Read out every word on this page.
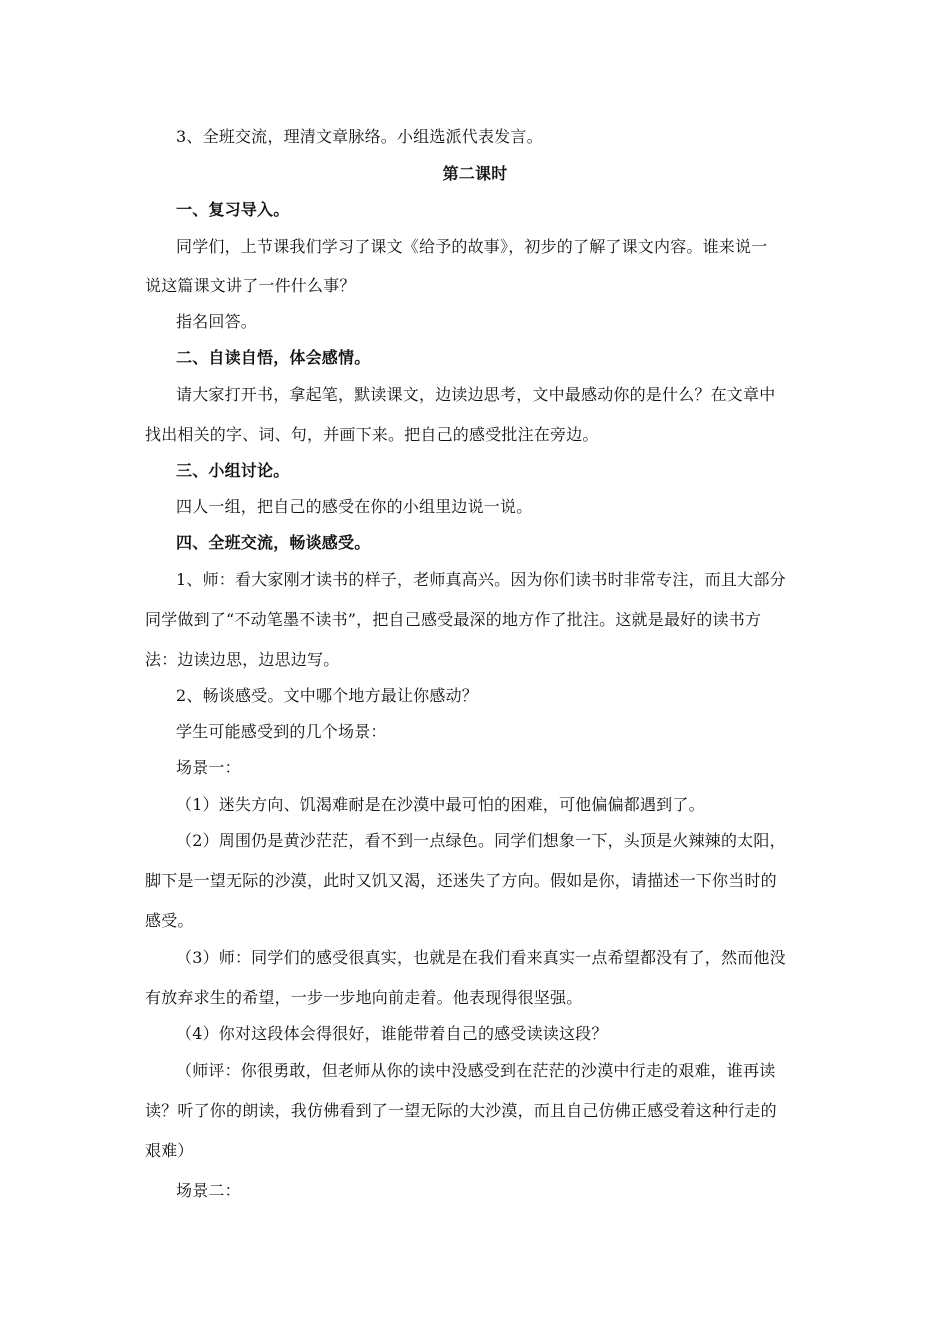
3、全班交流，理清文章脉络。小组选派代表发言。
第二课时
一、复习导入。
同学们，上节课我们学习了课文《给予的故事》，初步的了解了课文内容。谁来说一
说这篇课文讲了一件什么事？
指名回答。
二、自读自悟，体会感情。
请大家打开书，拿起笔，默读课文，边读边思考，文中最感动你的是什么？在文章中
找出相关的字、词、句，并画下来。把自己的感受批注在旁边。
三、小组讨论。
四人一组，把自己的感受在你的小组里边说一说。
四、全班交流，畅谈感受。
1、师：看大家刚才读书的样子，老师真高兴。因为你们读书时非常专注，而且大部分
同学做到了“不动笔墨不读书”，把自己感受最深的地方作了批注。这就是最好的读书方
法：边读边思，边思边写。
2、畅谈感受。文中哪个地方最让你感动？
学生可能感受到的几个场景：
场景一：
（1）迷失方向、饥渴难耐是在沙漠中最可怕的困难，可他偏偏都遇到了。
（2）周围仍是黄沙茫茫，看不到一点绿色。同学们想象一下，头顶是火辣辣的太阳，
脚下是一望无际的沙漠，此时又饥又渴，还迷失了方向。假如是你，请描述一下你当时的
感受。
（3）师：同学们的感受很真实，也就是在我们看来真实一点希望都没有了，然而他没
有放弃求生的希望，一步一步地向前走着。他表现得很坚强。
（4）你对这段体会得很好，谁能带着自己的感受读读这段？
（师评：你很勇敢，但老师从你的读中没感受到在茫茫的沙漠中行走的艰难，谁再读
读？听了你的朗读，我仿佛看到了一望无际的大沙漠，而且自己仿佛正感受着这种行走的
艰难）
场景二：
